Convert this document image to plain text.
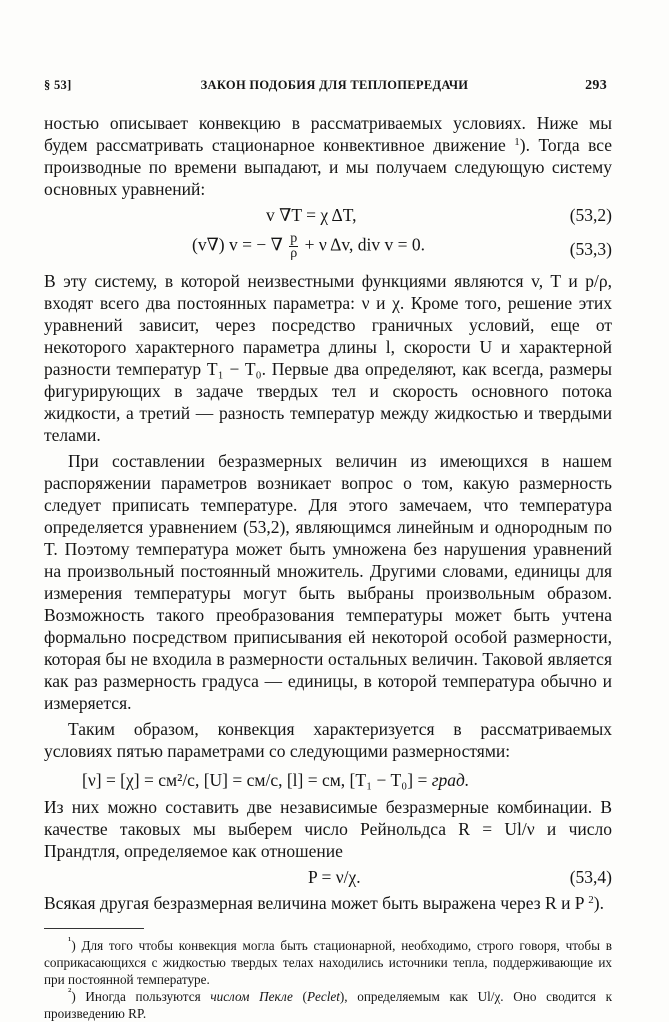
§ 53]	ЗАКОН ПОДОБИЯ ДЛЯ ТЕПЛОПЕРЕДАЧИ	293

ностью описывает конвекцию в рассматриваемых условиях. Ниже мы будем рассматривать стационарное конвективное движение $^1$). Тогда все производные по времени выпадают, и мы получаем следующую систему основных уравнений:

v ∇T = χ ΔT,	(53,2)
(v∇) v = − ∇ $\frac{p}{\rho} + \nu$ Δv, div v = 0.	(53,3)

В эту систему, в которой неизвестными функциями являются v, T и p/ρ, входят всего два постоянных параметра: ν и χ. Кроме того, решение этих уравнений зависит, через посредство граничных условий, еще от некоторого характерного параметра длины l, скорости U и характерной разности температур T₁ − T₀. Первые два определяют, как всегда, размеры фигурирующих в задаче твердых тел и скорость основного потока жидкости, а третий — разность температур между жидкостью и твердыми телами.

При составлении безразмерных величин из имеющихся в нашем распоряжении параметров возникает вопрос о том, какую размерность следует приписать температуре. Для этого замечаем, что температура определяется уравнением (53,2), являющимся линейным и однородным по T. Поэтому температура может быть умножена без нарушения уравнений на произвольный постоянный множитель. Другими словами, единицы для измерения температуры могут быть выбраны произвольным образом. Возможность такого преобразования температуры может быть учтена формально посредством приписывания ей некоторой особой размерности, которая бы не входила в размерности остальных величин. Таковой является как раз размерность градуса — единицы, в которой температура обычно и измеряется.

Таким образом, конвекция характеризуется в рассматриваемых условиях пятью параметрами со следующими размерностями:

[ν] = [χ] = см²/с, [U] = см/с, [l] = см, [T₁ − T₀] = град.

Из них можно составить две независимые безразмерные комбинации. В качестве таковых мы выберем число Рейнольдса R = Ul/ν и число Прандтля, определяемое как отношение

P = ν/χ.	(53,4)

Всякая другая безразмерная величина может быть выражена через R и P $^2$).

$^{^1}$) Для того чтобы конвекция могла быть стационарной, необходимо, строго говоря, чтобы в соприкасающихся с жидкостью твердых телах находились источники тепла, поддерживающие их при постоянной температуре.

$^{^2}$) Иногда пользуются числом Пекле (Peclet), определяемым как Ul/χ. Оно сводится к произведению RP.
